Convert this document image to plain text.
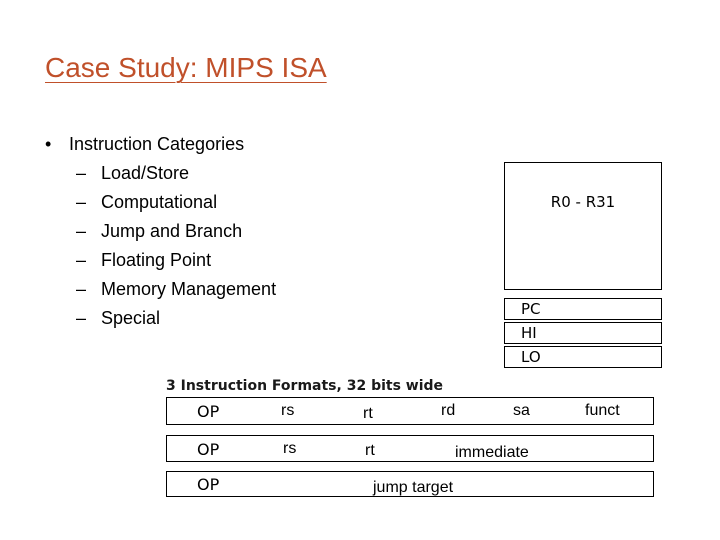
Case Study: MIPS ISA
• Instruction Categories
– Load/Store
– Computational
– Jump and Branch
– Floating Point
– Memory Management
– Special
R0 - R31
PC
HI
LO
3 Instruction Formats, 32 bits wide
OP	rs	rt	rd	sa	funct
OP	rs	rt	immediate
OP	jump target
